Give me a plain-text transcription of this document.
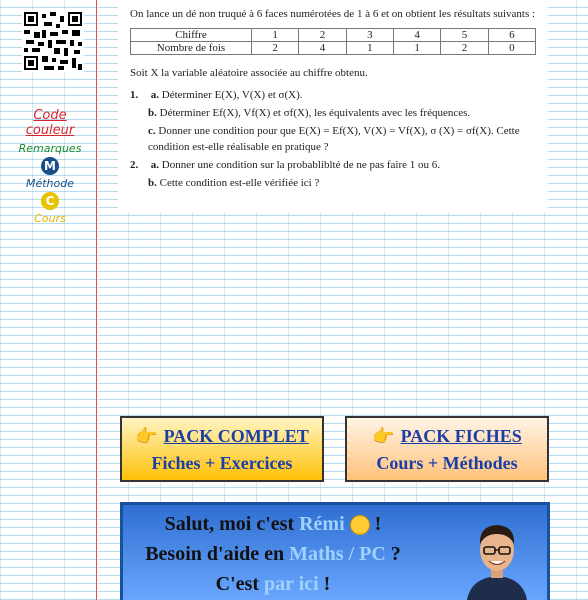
Code couleur
Remarques
M
Méthode
C
Cours

On lance un dé non truqué à 6 faces numérotées de 1 à 6 et on obtient les résultats suivants :

Chiffre	1	2	3	4	5	6
Nombre de fois	2	4	1	1	2	0

Soit X la variable aléatoire associée au chiffre obtenu.

1. a. Déterminer E(X), V(X) et σ(X).
b. Déterminer Ef(X), Vf(X) et σf(X), les équivalents avec les fréquences.
c. Donner une condition pour que E(X) = Ef(X), V(X) = Vf(X), σ (X) = σf(X). Cette condition est-elle réalisable en pratique ?
2. a. Donner une condition sur la probabliblté de ne pas faire 1 ou 6.
b. Cette condition est-elle vérifiée ici ?
👉 PACK COMPLET
Fiches + Exercices
👉 PACK FICHES
Cours + Méthodes
Salut, moi c'est Rémi !
Besoin d'aide en Maths / PC ?
C'est par ici !
